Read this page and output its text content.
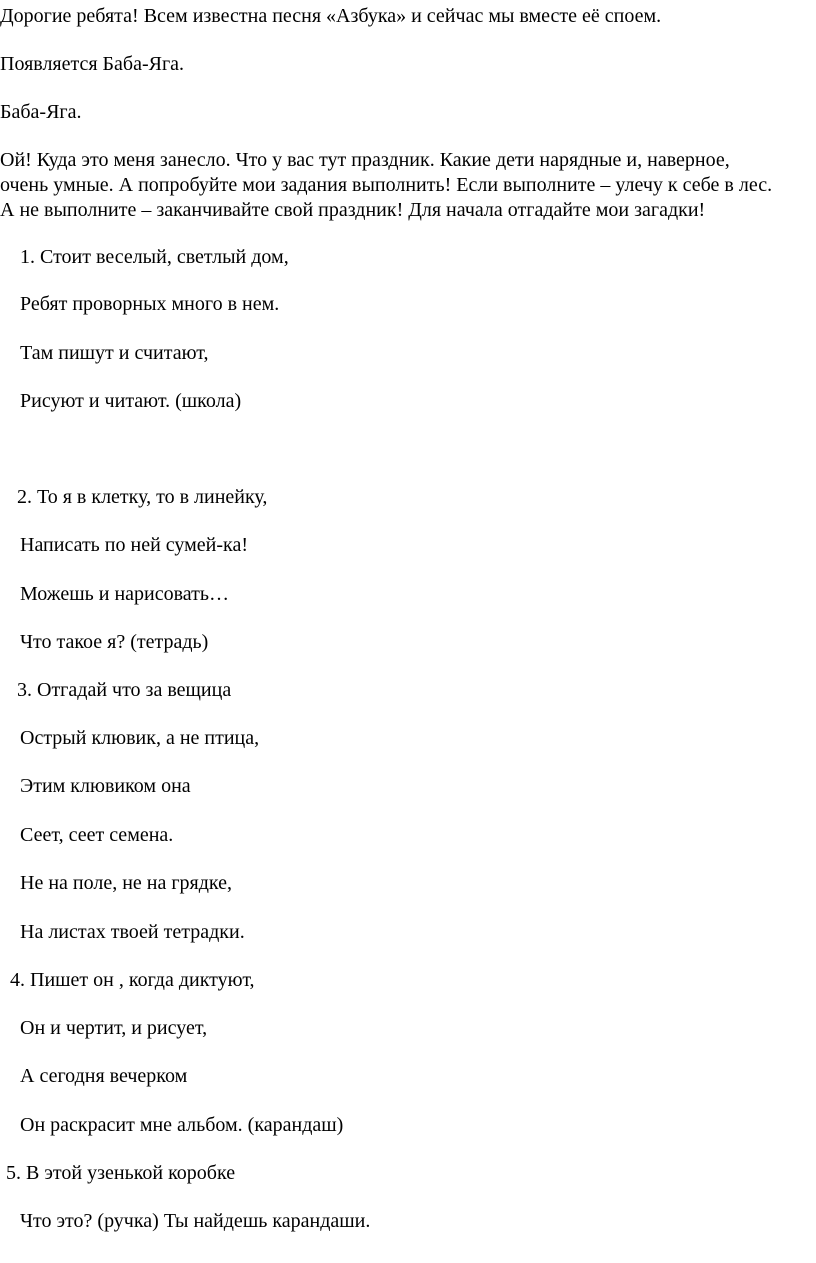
Дорогие ребята! Всем известна песня «Азбука» и сейчас мы вместе её споем.

Появляется Баба-Яга.

Баба-Яга.

Ой! Куда это меня занесло. Что у вас тут праздник. Какие дети нарядные и, наверное,

очень умные. А попробуйте мои задания выполнить! Если выполните – улечу к себе в лес.

А не выполните – заканчивайте свой праздник! Для начала отгадайте мои загадки!

1. Стоит веселый, светлый дом,

Ребят проворных много в нем.

Там пишут и считают,

Рисуют и читают. (школа)

2. То я в клетку, то в линейку,

Написать по ней сумей-ка!

Можешь и нарисовать…

Что такое я? (тетрадь)

3. Отгадай что за вещица

Острый клювик, а не птица,

Этим клювиком она

Сеет, сеет семена.

Не на поле, не на грядке,

На листах твоей тетрадки.

4. Пишет он , когда диктуют,

Он и чертит, и рисует,

А сегодня вечерком

Он раскрасит мне альбом. (карандаш)

5. В этой узенькой коробке

Что это? (ручка) Ты найдешь карандаши.
